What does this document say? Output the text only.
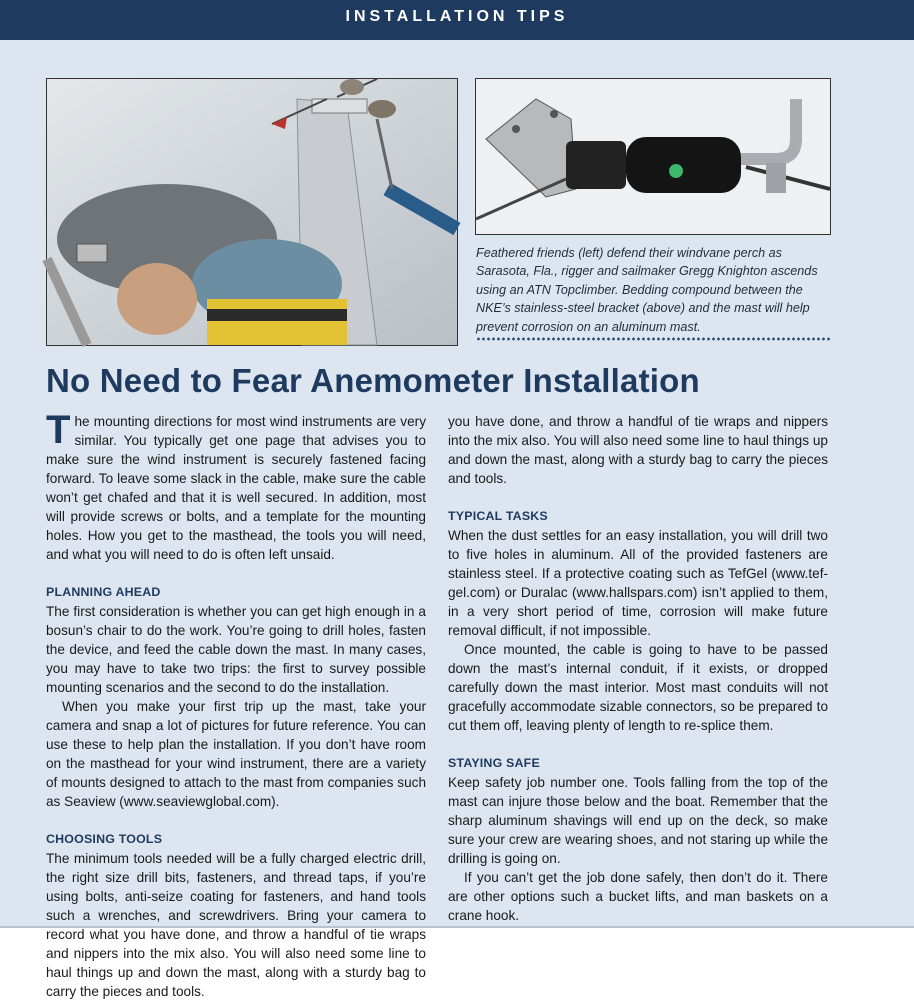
INSTALLATION TIPS
Feathered friends (left) defend their windvane perch as Sarasota, Fla., rigger and sailmaker Gregg Knighton ascends using an ATN Topclimber. Bedding compound between the NKE’s stainless-steel bracket (above) and the mast will help prevent corrosion on an aluminum mast.
No Need to Fear Anemometer Installation

The mounting directions for most wind instruments are very similar. You typically get one page that advises you to make sure the wind instrument is securely fastened facing forward. To leave some slack in the cable, make sure the cable won’t get chafed and that it is well secured. In addition, most will provide screws or bolts, and a template for the mounting holes. How you get to the masthead, the tools you will need, and what you will need to do is often left unsaid.

PLANNING AHEAD

The first consideration is whether you can get high enough in a bosun’s chair to do the work. You’re going to drill holes, fasten the device, and feed the cable down the mast. In many cases, you may have to take two trips: the first to survey possible mounting scenarios and the second to do the installation.

When you make your first trip up the mast, take your camera and snap a lot of pictures for future reference. You can use these to help plan the installation. If you don’t have room on the masthead for your wind instrument, there are a variety of mounts designed to attach to the mast from companies such as Seaview (www.seaviewglobal.com).

CHOOSING TOOLS

The minimum tools needed will be a fully charged electric drill, the right size drill bits, fasteners, and thread taps, if you’re using bolts, anti-seize coating for fasteners, and hand tools such a wrenches, and screwdrivers. Bring your camera to record what you have done, and throw a handful of tie wraps and nippers into the mix also. You will also need some line to haul things up and down the mast, along with a sturdy bag to carry the pieces and tools.

you have done, and throw a handful of tie wraps and nippers into the mix also. You will also need some line to haul things up and down the mast, along with a sturdy bag to carry the pieces and tools.

TYPICAL TASKS

When the dust settles for an easy installation, you will drill two to five holes in aluminum. All of the provided fasteners are stainless steel. If a protective coating such as TefGel (www.tef-gel.com) or Duralac (www.hallspars.com) isn’t applied to them, in a very short period of time, corrosion will make future removal difficult, if not impossible.

Once mounted, the cable is going to have to be passed down the mast’s internal conduit, if it exists, or dropped carefully down the mast interior. Most mast conduits will not gracefully accommodate sizable connectors, so be prepared to cut them off, leaving plenty of length to re-splice them.

STAYING SAFE

Keep safety job number one. Tools falling from the top of the mast can injure those below and the boat. Remember that the sharp aluminum shavings will end up on the deck, so make sure your crew are wearing shoes, and not staring up while the drilling is going on.

If you can’t get the job done safely, then don’t do it. There are other options such a bucket lifts, and man baskets on a crane hook.
